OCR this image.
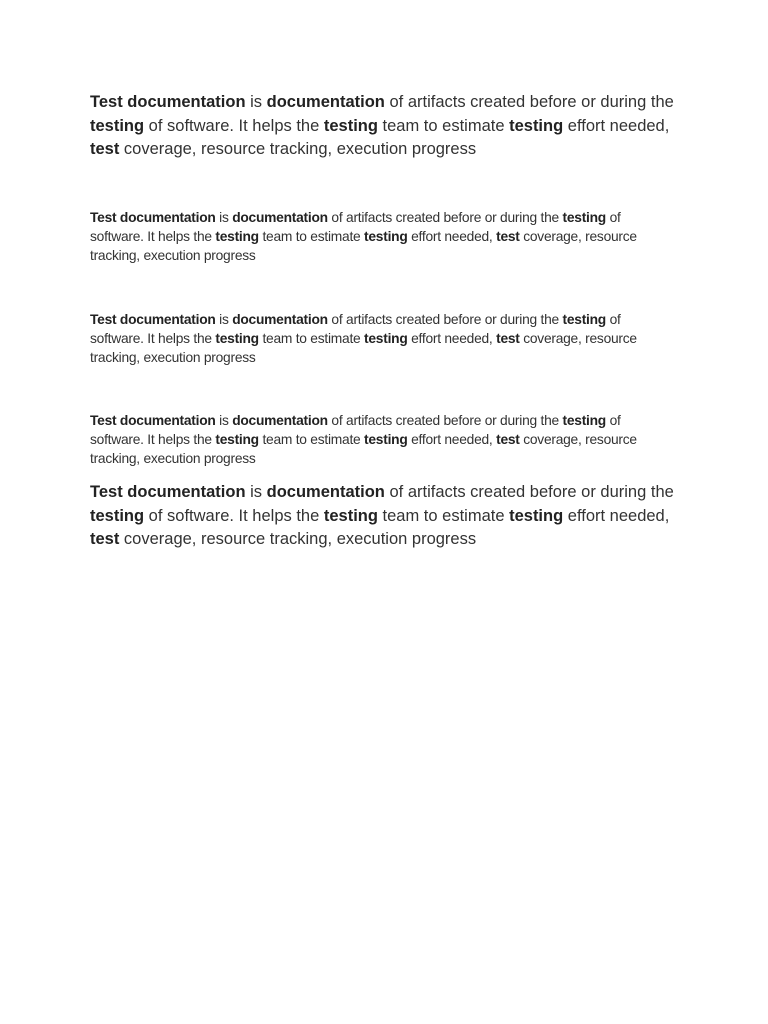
Test documentation is documentation of artifacts created before or during the testing of software. It helps the testing team to estimate testing effort needed, test coverage, resource tracking, execution progress

Test documentation is documentation of artifacts created before or during the testing of software. It helps the testing team to estimate testing effort needed, test coverage, resource tracking, execution progress

Test documentation is documentation of artifacts created before or during the testing of software. It helps the testing team to estimate testing effort needed, test coverage, resource tracking, execution progress

Test documentation is documentation of artifacts created before or during the testing of software. It helps the testing team to estimate testing effort needed, test coverage, resource tracking, execution progress

Test documentation is documentation of artifacts created before or during the testing of software. It helps the testing team to estimate testing effort needed, test coverage, resource tracking, execution progress
